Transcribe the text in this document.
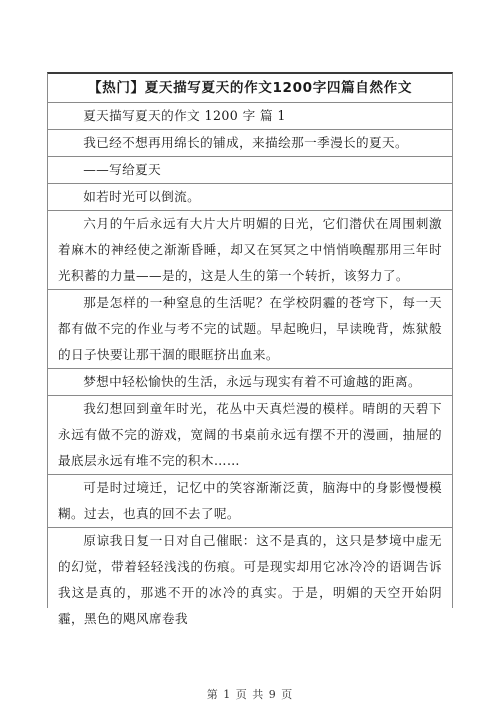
【热门】夏天描写夏天的作文1200字四篇自然作文
夏天描写夏天的作文 1200 字 篇 1
我已经不想再用绵长的铺成，来描绘那一季漫长的夏天。
——写给夏天
如若时光可以倒流。
六月的午后永远有大片大片明媚的日光，它们潜伏在周围刺激着麻木的神经使之渐渐昏睡，却又在冥冥之中悄悄唤醒那用三年时光积蓄的力量——是的，这是人生的第一个转折，该努力了。
那是怎样的一种窒息的生活呢？在学校阴霾的苍穹下，每一天都有做不完的作业与考不完的试题。早起晚归，早读晚背，炼狱般的日子快要让那干涸的眼眶挤出血来。
梦想中轻松愉快的生活，永远与现实有着不可逾越的距离。
我幻想回到童年时光，花丛中天真烂漫的模样。晴朗的天碧下永远有做不完的游戏，宽阔的书桌前永远有摆不开的漫画，抽屉的最底层永远有堆不完的积木……
可是时过境迁，记忆中的笑容渐渐泛黄，脑海中的身影慢慢模糊。过去，也真的回不去了呢。
原谅我日复一日对自己催眠：这不是真的，这只是梦境中虚无的幻觉，带着轻轻浅浅的伤痕。可是现实却用它冰冷冷的语调告诉我这是真的，那逃不开的冰冷的真实。于是，明媚的天空开始阴霾，黑色的飓风席卷我
第 1 页 共 9 页
